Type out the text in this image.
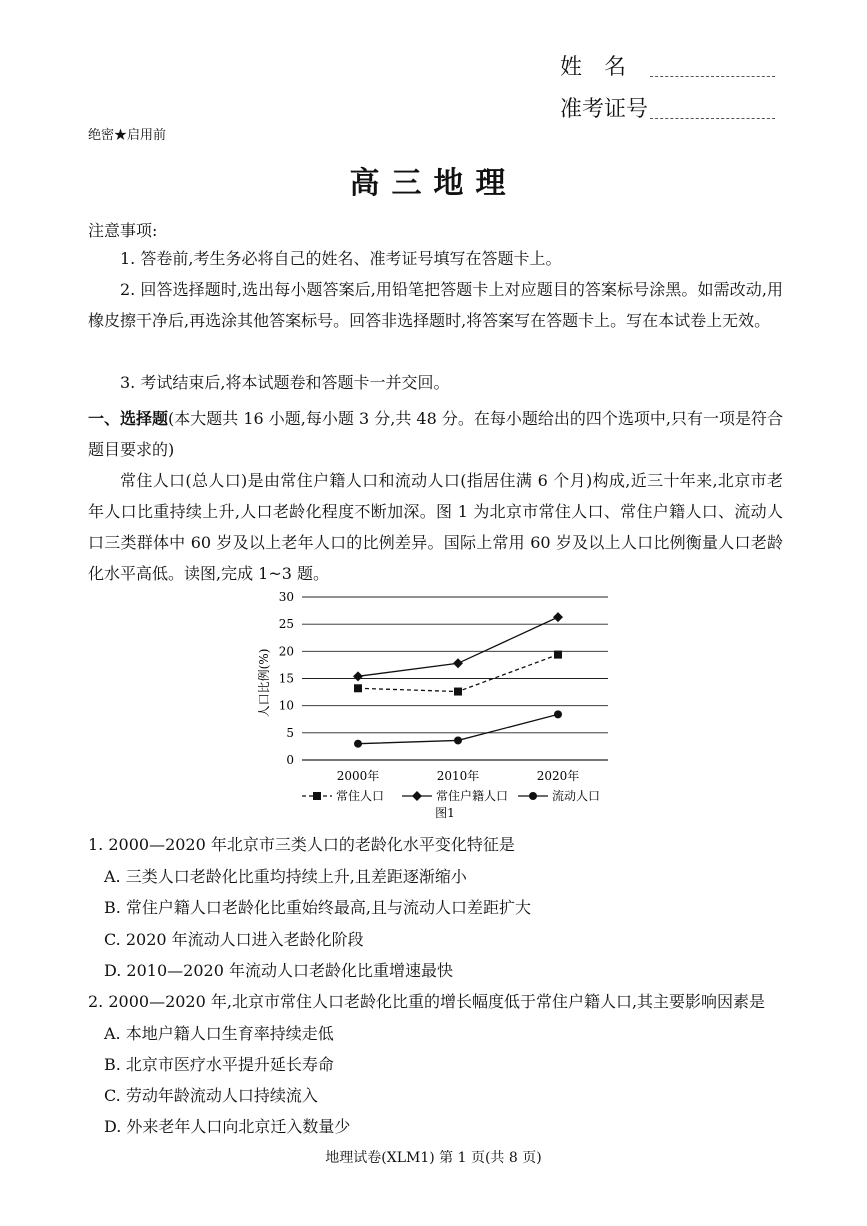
姓名
准考证号
绝密★启用前
高三地理
注意事项:
1. 答卷前,考生务必将自己的姓名、准考证号填写在答题卡上。
2. 回答选择题时,选出每小题答案后,用铅笔把答题卡上对应题目的答案标号涂黑。如需改动,用橡皮擦干净后,再选涂其他答案标号。回答非选择题时,将答案写在答题卡上。写在本试卷上无效。
3. 考试结束后,将本试题卷和答题卡一并交回。
一、选择题(本大题共 16 小题,每小题 3 分,共 48 分。在每小题给出的四个选项中,只有一项是符合题目要求的)
常住人口(总人口)是由常住户籍人口和流动人口(指居住满 6 个月)构成,近三十年来,北京市老年人口比重持续上升,人口老龄化程度不断加深。图 1 为北京市常住人口、常住户籍人口、流动人口三类群体中 60 岁及以上老年人口的比例差异。国际上常用 60 岁及以上人口比例衡量人口老龄化水平高低。读图,完成 1~3 题。
0
5
10
15
20
25
30
2000年	2010年	2020年
人口比例(%)
常住人口	常住户籍人口	流动人口
图1
1. 2000—2020 年北京市三类人口的老龄化水平变化特征是
A. 三类人口老龄化比重均持续上升,且差距逐渐缩小
B. 常住户籍人口老龄化比重始终最高,且与流动人口差距扩大
C. 2020 年流动人口进入老龄化阶段
D. 2010—2020 年流动人口老龄化比重增速最快
2. 2000—2020 年,北京市常住人口老龄化比重的增长幅度低于常住户籍人口,其主要影响因素是
A. 本地户籍人口生育率持续走低
B. 北京市医疗水平提升延长寿命
C. 劳动年龄流动人口持续流入
D. 外来老年人口向北京迁入数量少
地理试卷(XLM1) 第 1 页(共 8 页)
